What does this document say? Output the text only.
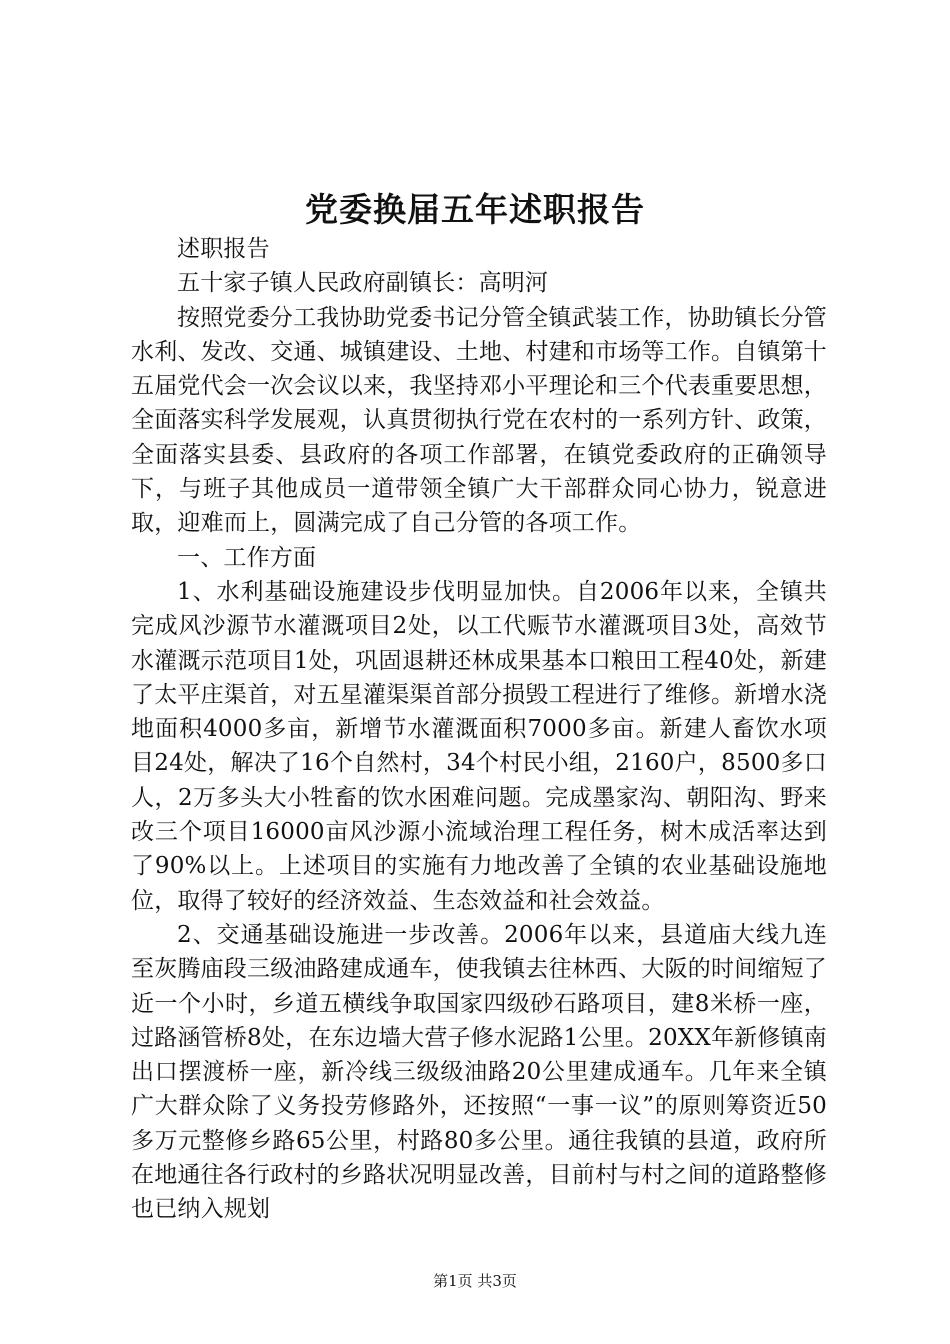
党委换届五年述职报告

述职报告

五十家子镇人民政府副镇长：高明河

按照党委分工我协助党委书记分管全镇武装工作，协助镇长分管水利、发改、交通、城镇建设、土地、村建和市场等工作。自镇第十五届党代会一次会议以来，我坚持邓小平理论和三个代表重要思想，全面落实科学发展观，认真贯彻执行党在农村的一系列方针、政策，全面落实县委、县政府的各项工作部署，在镇党委政府的正确领导下，与班子其他成员一道带领全镇广大干部群众同心协力，锐意进取，迎难而上，圆满完成了自己分管的各项工作。

一、工作方面

1、水利基础设施建设步伐明显加快。自2006年以来，全镇共完成风沙源节水灌溉项目2处，以工代赈节水灌溉项目3处，高效节水灌溉示范项目1处，巩固退耕还林成果基本口粮田工程40处，新建了太平庄渠首，对五星灌渠渠首部分损毁工程进行了维修。新增水浇地面积4000多亩，新增节水灌溉面积7000多亩。新建人畜饮水项目24处，解决了16个自然村，34个村民小组，2160户，8500多口人，2万多头大小牲畜的饮水困难问题。完成墨家沟、朝阳沟、野来改三个项目16000亩风沙源小流域治理工程任务，树木成活率达到了90%以上。上述项目的实施有力地改善了全镇的农业基础设施地位，取得了较好的经济效益、生态效益和社会效益。

2、交通基础设施进一步改善。2006年以来，县道庙大线九连至灰腾庙段三级油路建成通车，使我镇去往林西、大阪的时间缩短了近一个小时，乡道五横线争取国家四级砂石路项目，建8米桥一座，过路涵管桥8处，在东边墙大营子修水泥路1公里。20XX年新修镇南出口摆渡桥一座，新冷线三级级油路20公里建成通车。几年来全镇广大群众除了义务投劳修路外，还按照“一事一议”的原则筹资近50多万元整修乡路65公里，村路80多公里。通往我镇的县道，政府所在地通往各行政村的乡路状况明显改善，目前村与村之间的道路整修也已纳入规划

第1页 共3页
